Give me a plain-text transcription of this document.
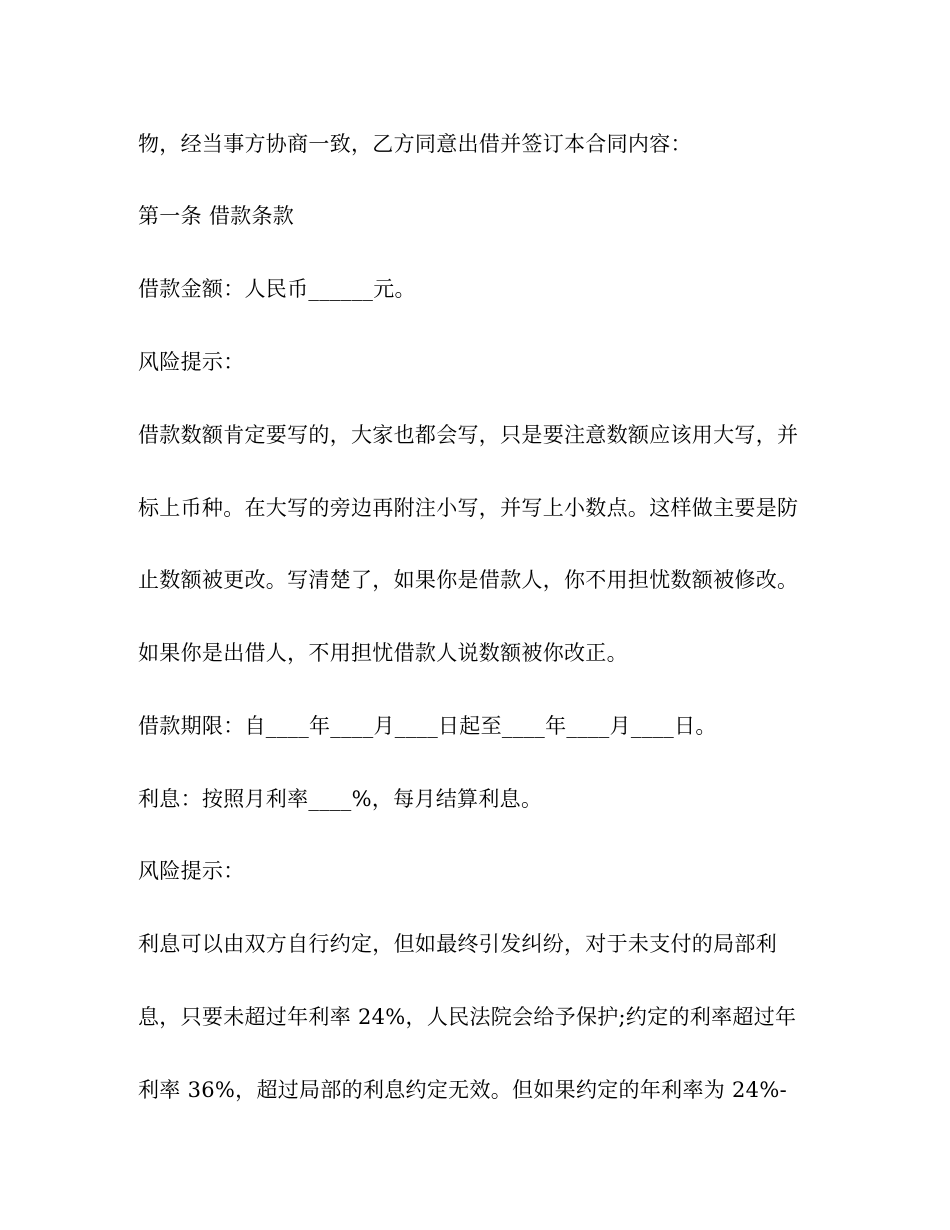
物，经当事方协商一致，乙方同意出借并签订本合同内容：

第一条 借款条款

借款金额：人民币______元。

风险提示：

借款数额肯定要写的，大家也都会写，只是要注意数额应该用大写，并

标上币种。在大写的旁边再附注小写，并写上小数点。这样做主要是防

止数额被更改。写清楚了，如果你是借款人，你不用担忧数额被修改。

如果你是出借人，不用担忧借款人说数额被你改正。

借款期限：自____年____月____日起至____年____月____日。

利息：按照月利率____%，每月结算利息。

风险提示：

利息可以由双方自行约定，但如最终引发纠纷，对于未支付的局部利

息，只要未超过年利率 24%，人民法院会给予保护;约定的利率超过年

利率 36%，超过局部的利息约定无效。但如果约定的年利率为 24%-
